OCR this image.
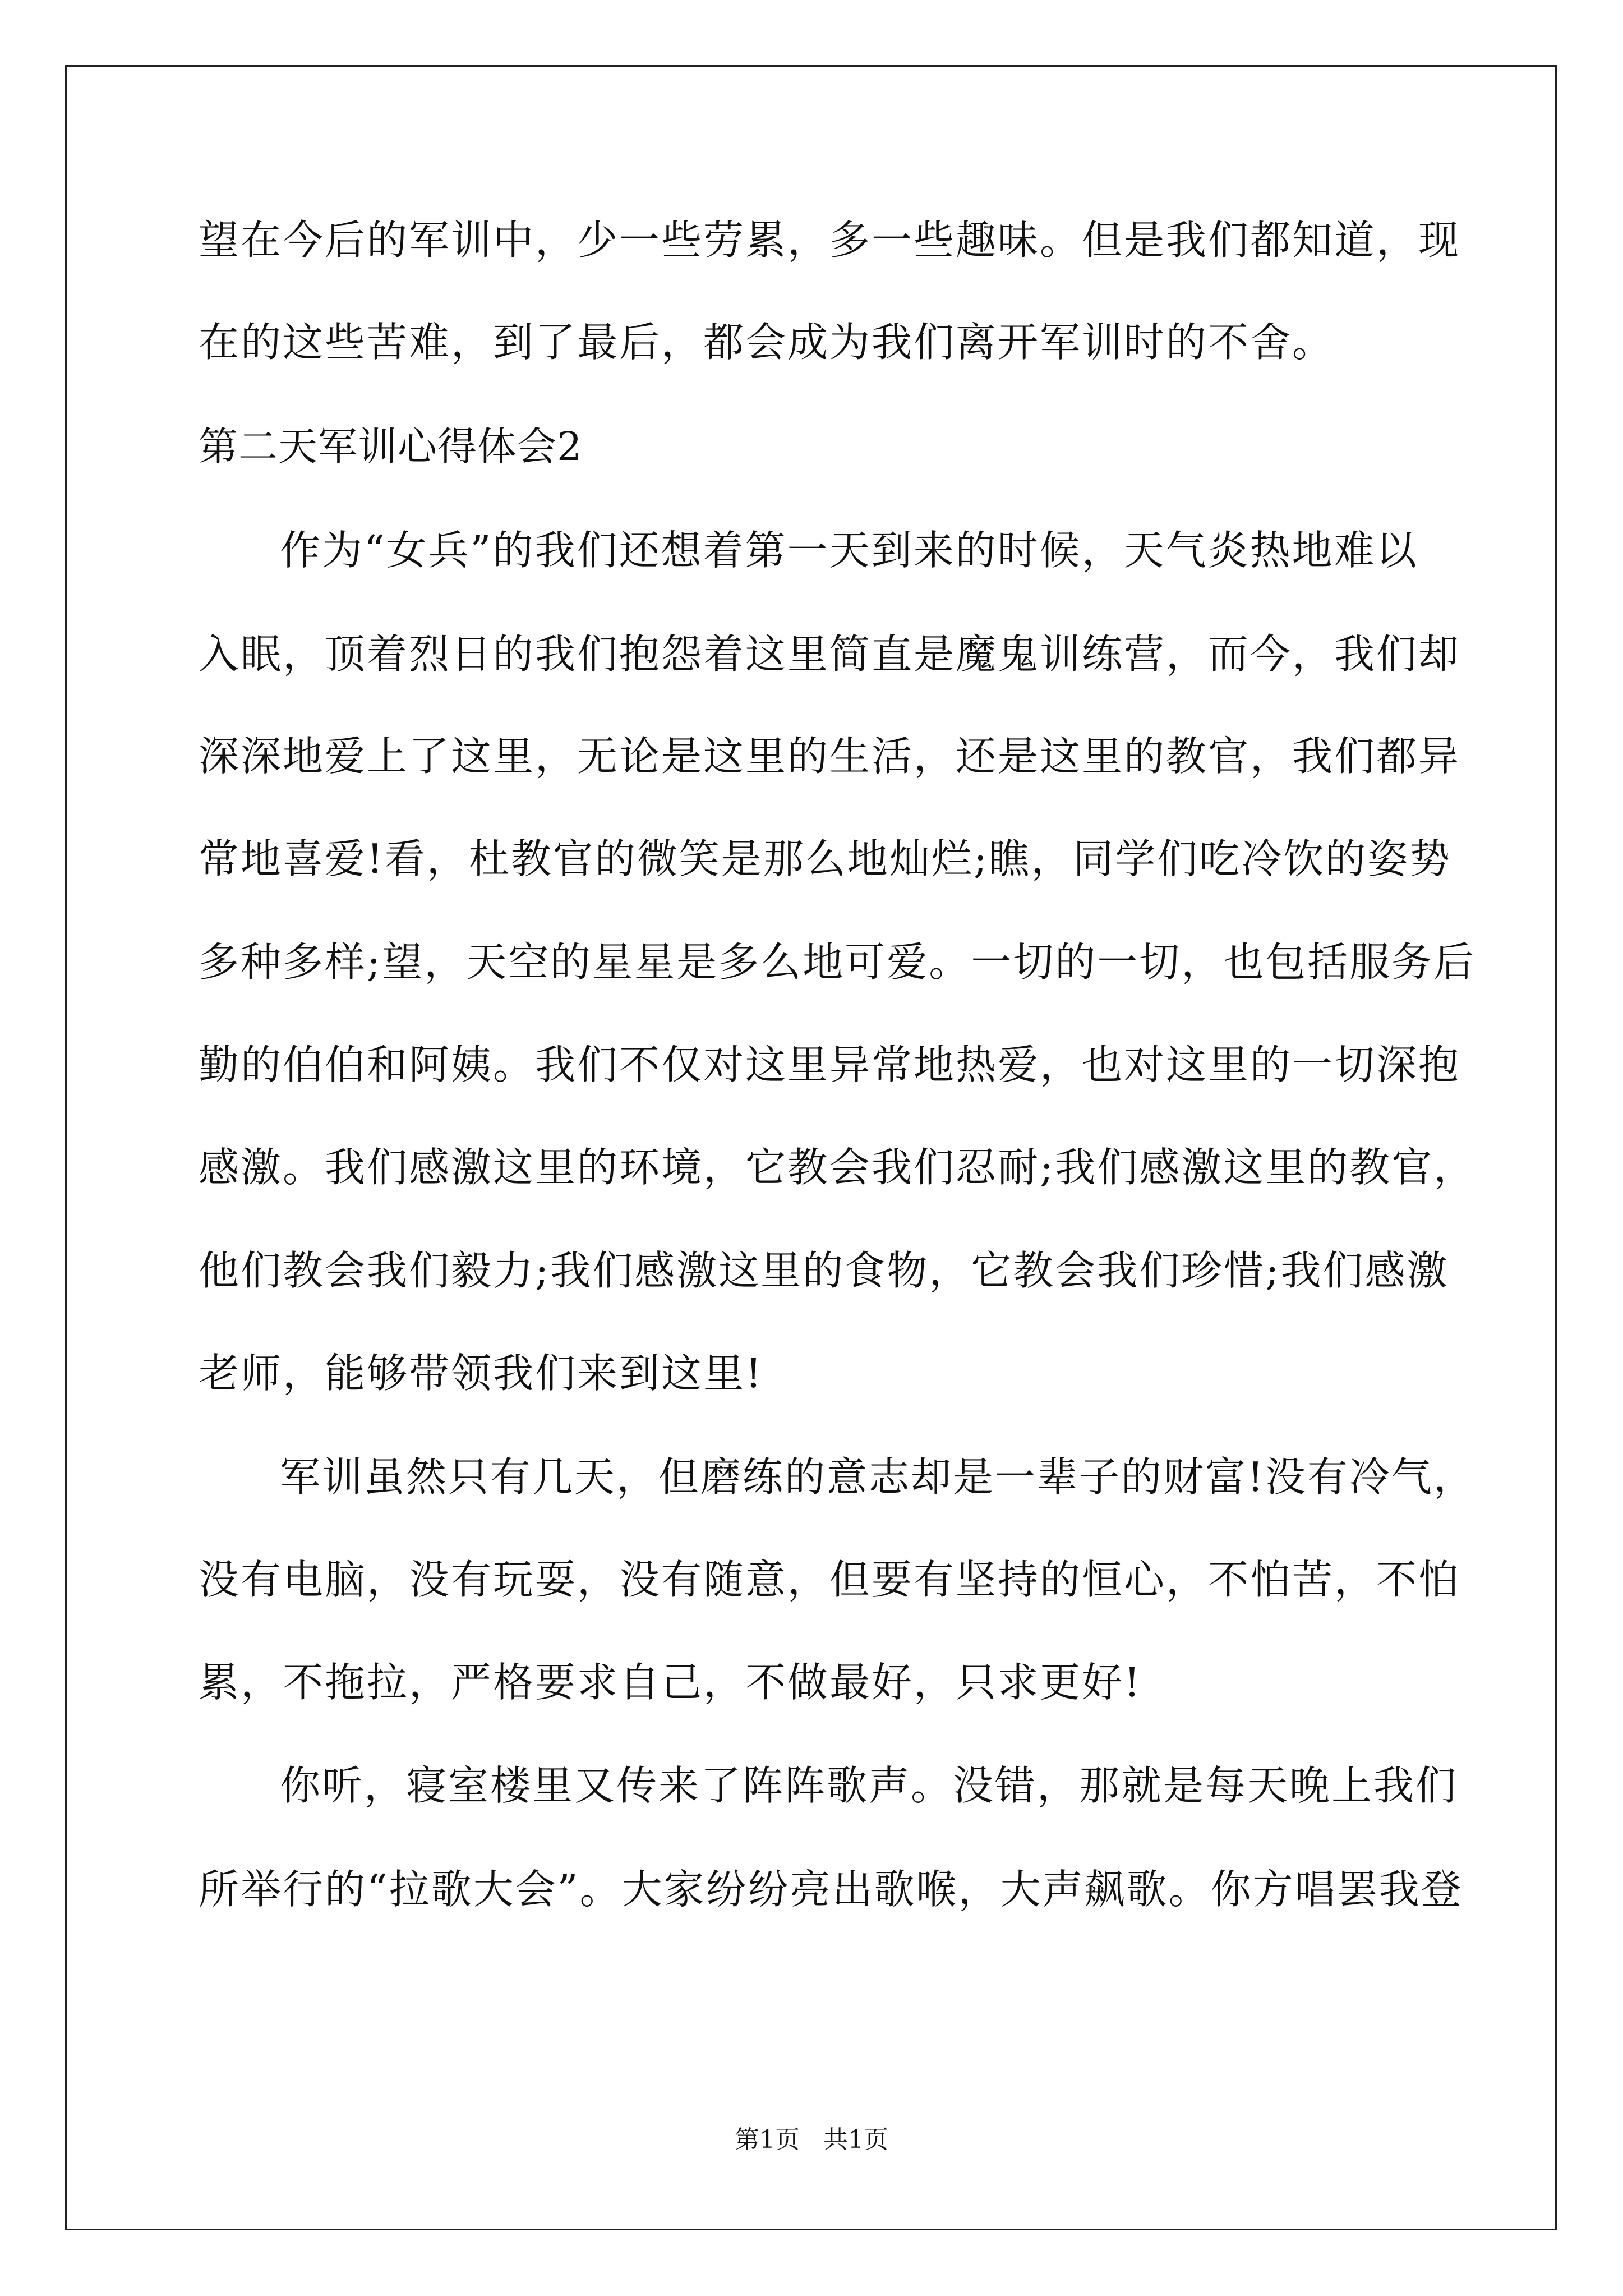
望在今后的军训中，少一些劳累，多一些趣味。但是我们都知道，现

在的这些苦难，到了最后，都会成为我们离开军训时的不舍。

第二天军训心得体会2

作为“女兵”的我们还想着第一天到来的时候，天气炎热地难以

入眠，顶着烈日的我们抱怨着这里简直是魔鬼训练营，而今，我们却

深深地爱上了这里，无论是这里的生活，还是这里的教官，我们都异

常地喜爱!看，杜教官的微笑是那么地灿烂;瞧，同学们吃冷饮的姿势

多种多样;望，天空的星星是多么地可爱。一切的一切，也包括服务后

勤的伯伯和阿姨。我们不仅对这里异常地热爱，也对这里的一切深抱

感激。我们感激这里的环境，它教会我们忍耐;我们感激这里的教官，

他们教会我们毅力;我们感激这里的食物，它教会我们珍惜;我们感激

老师，能够带领我们来到这里!

军训虽然只有几天，但磨练的意志却是一辈子的财富!没有冷气，

没有电脑，没有玩耍，没有随意，但要有坚持的恒心，不怕苦，不怕

累，不拖拉，严格要求自己，不做最好，只求更好!

你听，寝室楼里又传来了阵阵歌声。没错，那就是每天晚上我们

所举行的“拉歌大会”。大家纷纷亮出歌喉，大声飙歌。你方唱罢我登

第1页   共1页
